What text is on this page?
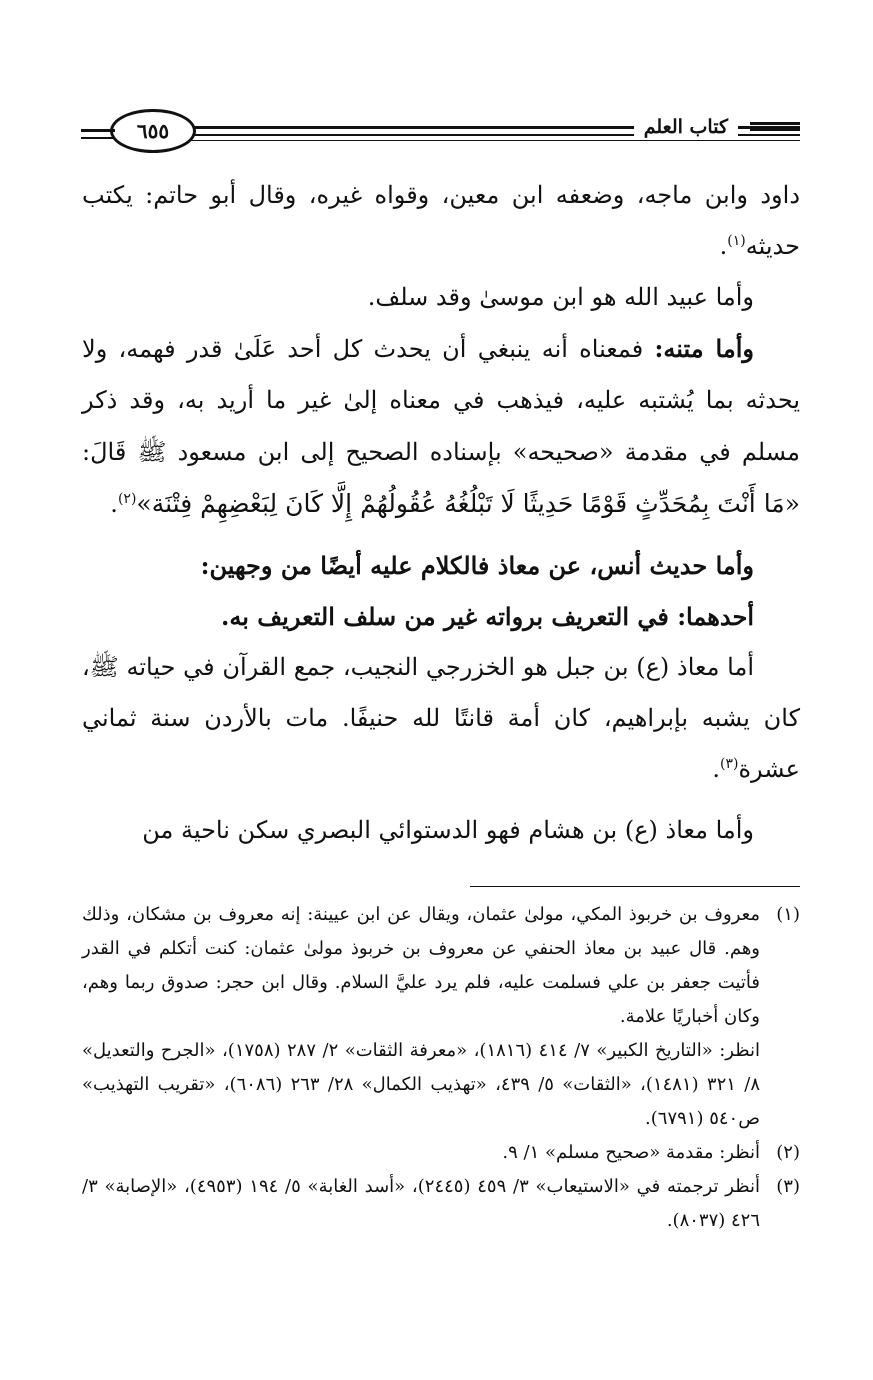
كتاب العلم
٦٥٥

داود وابن ماجه، وضعفه ابن معين، وقواه غيره، وقال أبو حاتم: يكتب حديثه$^{(١)}$.

وأما عبيد الله هو ابن موسىٰ وقد سلف.

وأما متنه: فمعناه أنه ينبغي أن يحدث كل أحد عَلَىٰ قدر فهمه، ولا يحدثه بما يُشتبه عليه، فيذهب في معناه إلىٰ غير ما أريد به، وقد ذكر مسلم في مقدمة «صحيحه» بإسناده الصحيح إلى ابن مسعود ﷺ قَالَ: «مَا أَنْتَ بِمُحَدِّثٍ قَوْمًا حَدِيثًا لَا تَبْلُغُهُ عُقُولُهُمْ إِلَّا كَانَ لِبَعْضِهِمْ فِتْنَة»$^{(٢)}$.

وأما حديث أنس، عن معاذ فالكلام عليه أيضًا من وجهين:

أحدهما: في التعريف برواته غير من سلف التعريف به.

أما معاذ (ع) بن جبل هو الخزرجي النجيب، جمع القرآن في حياته ﷺ، كان يشبه بإبراهيم، كان أمة قانتًا لله حنيفًا. مات بالأردن سنة ثماني عشرة$^{(٣)}$.

وأما معاذ (ع) بن هشام فهو الدستوائي البصري سكن ناحية من

(١)
معروف بن خربوذ المكي، مولىٰ عثمان، ويقال عن ابن عيينة: إنه معروف بن مشكان، وذلك وهم. قال عبيد بن معاذ الحنفي عن معروف بن خربوذ مولىٰ عثمان: كنت أتكلم في القدر فأتيت جعفر بن علي فسلمت عليه، فلم يرد عليَّ السلام. وقال ابن حجر: صدوق ربما وهم، وكان أخباريًا علامة.
انظر: «التاريخ الكبير» ٧/ ٤١٤ (١٨١٦)، «معرفة الثقات» ٢/ ٢٨٧ (١٧٥٨)، «الجرح والتعديل» ٨/ ٣٢١ (١٤٨١)، «الثقات» ٥/ ٤٣٩، «تهذيب الكمال» ٢٨/ ٢٦٣ (٦٠٨٦)، «تقريب التهذيب» ص٥٤٠ (٦٧٩١).
(٢)
أنظر: مقدمة «صحيح مسلم» ١/ ٩.
(٣)
أنظر ترجمته في «الاستيعاب» ٣/ ٤٥٩ (٢٤٤٥)، «أسد الغابة» ٥/ ١٩٤ (٤٩٥٣)، «الإصابة» ٣/ ٤٢٦ (٨٠٣٧).
